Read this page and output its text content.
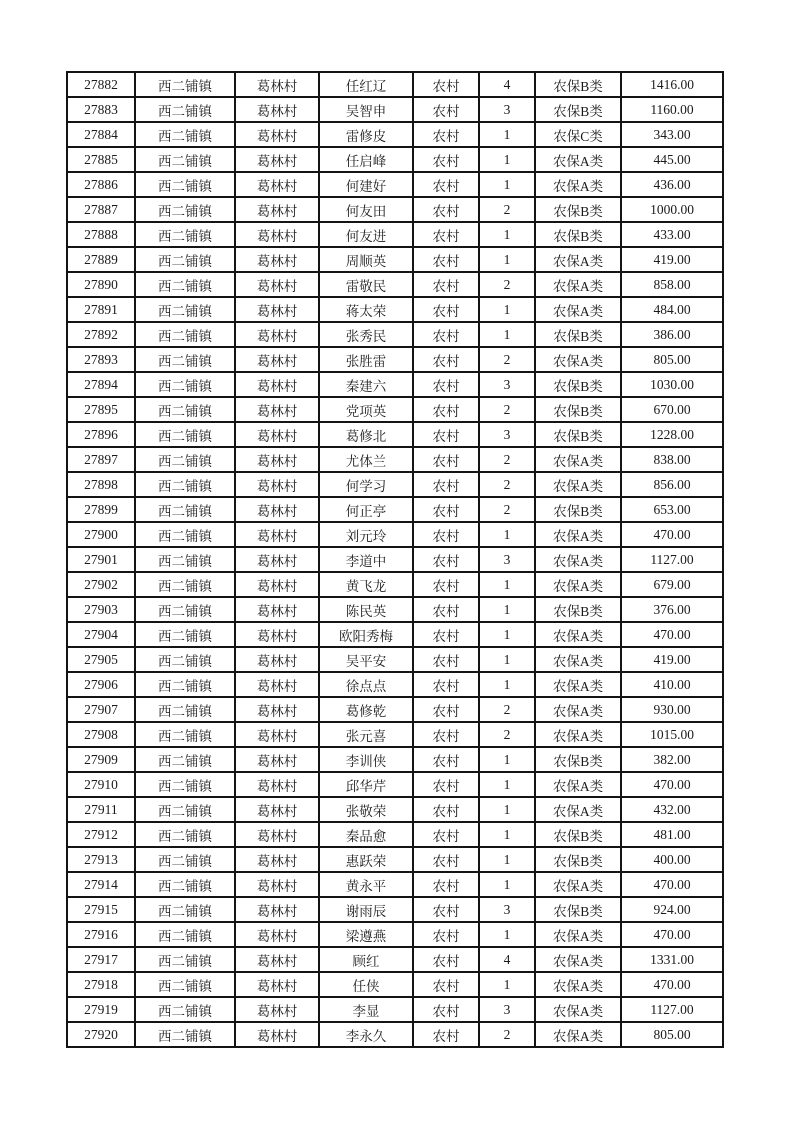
27882	西二铺镇	葛林村	任红辽	农村	4	农保B类	1416.00
27883	西二铺镇	葛林村	吴智申	农村	3	农保B类	1160.00
27884	西二铺镇	葛林村	雷修皮	农村	1	农保C类	343.00
27885	西二铺镇	葛林村	任启峰	农村	1	农保A类	445.00
27886	西二铺镇	葛林村	何建好	农村	1	农保A类	436.00
27887	西二铺镇	葛林村	何友田	农村	2	农保B类	1000.00
27888	西二铺镇	葛林村	何友进	农村	1	农保B类	433.00
27889	西二铺镇	葛林村	周顺英	农村	1	农保A类	419.00
27890	西二铺镇	葛林村	雷敬民	农村	2	农保A类	858.00
27891	西二铺镇	葛林村	蒋太荣	农村	1	农保A类	484.00
27892	西二铺镇	葛林村	张秀民	农村	1	农保B类	386.00
27893	西二铺镇	葛林村	张胜雷	农村	2	农保A类	805.00
27894	西二铺镇	葛林村	秦建六	农村	3	农保B类	1030.00
27895	西二铺镇	葛林村	党项英	农村	2	农保B类	670.00
27896	西二铺镇	葛林村	葛修北	农村	3	农保B类	1228.00
27897	西二铺镇	葛林村	尤体兰	农村	2	农保A类	838.00
27898	西二铺镇	葛林村	何学习	农村	2	农保A类	856.00
27899	西二铺镇	葛林村	何正亭	农村	2	农保B类	653.00
27900	西二铺镇	葛林村	刘元玲	农村	1	农保A类	470.00
27901	西二铺镇	葛林村	李道中	农村	3	农保A类	1127.00
27902	西二铺镇	葛林村	黄飞龙	农村	1	农保A类	679.00
27903	西二铺镇	葛林村	陈民英	农村	1	农保B类	376.00
27904	西二铺镇	葛林村	欧阳秀梅	农村	1	农保A类	470.00
27905	西二铺镇	葛林村	吴平安	农村	1	农保A类	419.00
27906	西二铺镇	葛林村	徐点点	农村	1	农保A类	410.00
27907	西二铺镇	葛林村	葛修乾	农村	2	农保A类	930.00
27908	西二铺镇	葛林村	张元喜	农村	2	农保A类	1015.00
27909	西二铺镇	葛林村	李训侠	农村	1	农保B类	382.00
27910	西二铺镇	葛林村	邱华芹	农村	1	农保A类	470.00
27911	西二铺镇	葛林村	张敬荣	农村	1	农保A类	432.00
27912	西二铺镇	葛林村	秦品愈	农村	1	农保B类	481.00
27913	西二铺镇	葛林村	惠跃荣	农村	1	农保B类	400.00
27914	西二铺镇	葛林村	黄永平	农村	1	农保A类	470.00
27915	西二铺镇	葛林村	谢雨辰	农村	3	农保B类	924.00
27916	西二铺镇	葛林村	梁遵燕	农村	1	农保A类	470.00
27917	西二铺镇	葛林村	顾红	农村	4	农保A类	1331.00
27918	西二铺镇	葛林村	任侠	农村	1	农保A类	470.00
27919	西二铺镇	葛林村	李显	农村	3	农保A类	1127.00
27920	西二铺镇	葛林村	李永久	农村	2	农保A类	805.00
